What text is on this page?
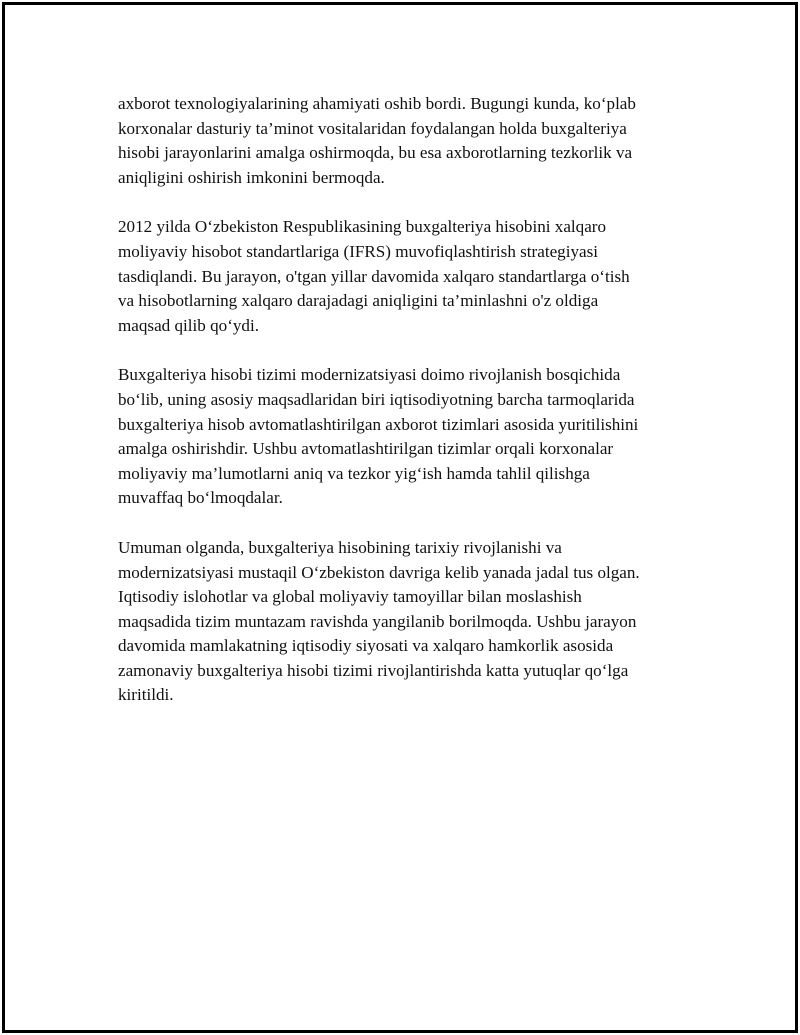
axborot texnologiyalarining ahamiyati oshib bordi. Bugungi kunda, ko‘plab
korxonalar dasturiy ta’minot vositalaridan foydalangan holda buxgalteriya
hisobi jarayonlarini amalga oshirmoqda, bu esa axborotlarning tezkorlik va
aniqligini oshirish imkonini bermoqda.

2012 yilda O‘zbekiston Respublikasining buxgalteriya hisobini xalqaro
moliyaviy hisobot standartlariga (IFRS) muvofiqlashtirish strategiyasi
tasdiqlandi. Bu jarayon, o'tgan yillar davomida xalqaro standartlarga o‘tish
va hisobotlarning xalqaro darajadagi aniqligini ta’minlashni o'z oldiga
maqsad qilib qo‘ydi.

Buxgalteriya hisobi tizimi modernizatsiyasi doimo rivojlanish bosqichida
bo‘lib, uning asosiy maqsadlaridan biri iqtisodiyotning barcha tarmoqlarida
buxgalteriya hisob avtomatlashtirilgan axborot tizimlari asosida yuritilishini
amalga oshirishdir. Ushbu avtomatlashtirilgan tizimlar orqali korxonalar
moliyaviy ma’lumotlarni aniq va tezkor yig‘ish hamda tahlil qilishga
muvaffaq bo‘lmoqdalar.

Umuman olganda, buxgalteriya hisobining tarixiy rivojlanishi va
modernizatsiyasi mustaqil O‘zbekiston davriga kelib yanada jadal tus olgan.
Iqtisodiy islohotlar va global moliyaviy tamoyillar bilan moslashish
maqsadida tizim muntazam ravishda yangilanib borilmoqda. Ushbu jarayon
davomida mamlakatning iqtisodiy siyosati va xalqaro hamkorlik asosida
zamonaviy buxgalteriya hisobi tizimi rivojlantirishda katta yutuqlar qo‘lga
kiritildi.
